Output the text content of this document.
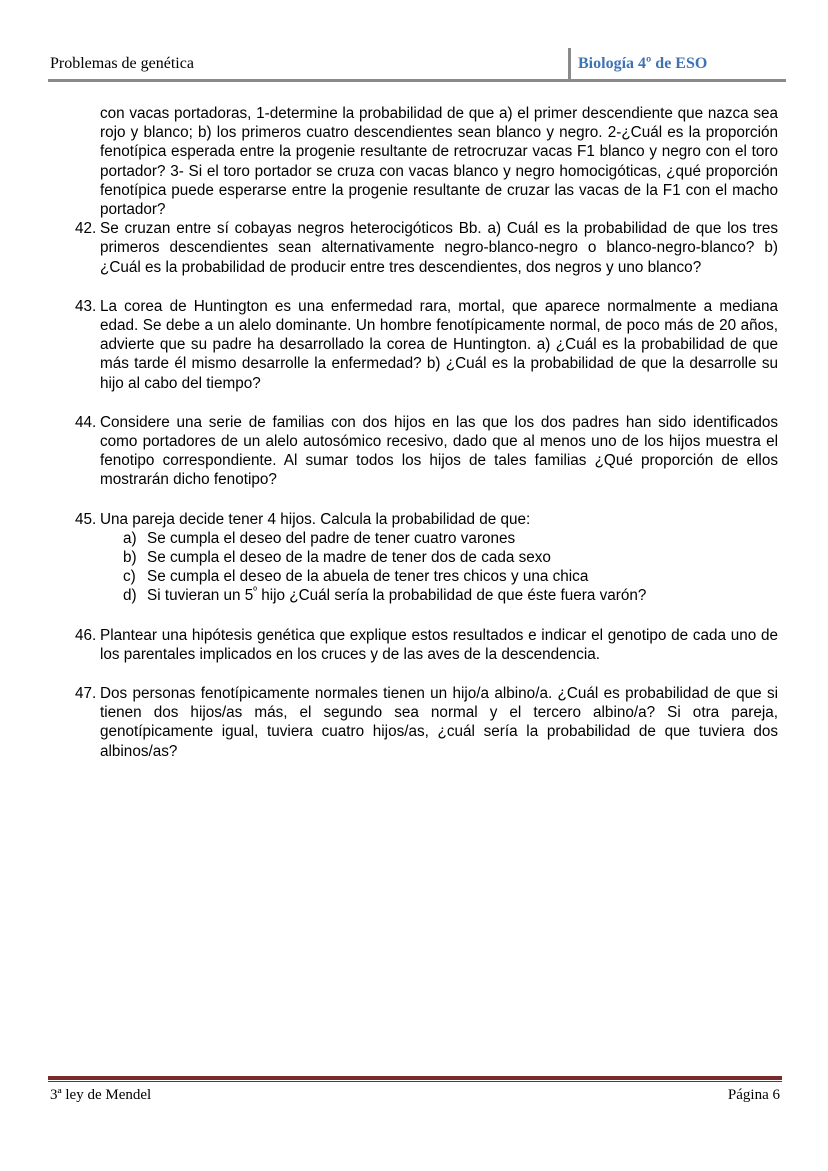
Problemas de genética	Biología 4º de ESO

con vacas portadoras, 1-determine la probabilidad de que a) el primer descendiente que nazca sea rojo y blanco; b) los primeros cuatro descendientes sean blanco y negro. 2-¿Cuál es la proporción fenotípica esperada entre la progenie resultante de retrocruzar vacas F1 blanco y negro con el toro portador? 3- Si el toro portador se cruza con vacas blanco y negro homocigóticas, ¿qué proporción fenotípica puede esperarse entre la progenie resultante de cruzar las vacas de la F1 con el macho portador?

42. Se cruzan entre sí cobayas negros heterocigóticos Bb. a) Cuál es la probabilidad de que los tres primeros descendientes sean alternativamente negro-blanco-negro o blanco-negro-blanco? b) ¿Cuál es la probabilidad de producir entre tres descendientes, dos negros y uno blanco?
43. La corea de Huntington es una enfermedad rara, mortal, que aparece normalmente a mediana edad. Se debe a un alelo dominante. Un hombre fenotípicamente normal, de poco más de 20 años, advierte que su padre ha desarrollado la corea de Huntington. a) ¿Cuál es la probabilidad de que más tarde él mismo desarrolle la enfermedad? b) ¿Cuál es la probabilidad de que la desarrolle su hijo al cabo del tiempo?
44. Considere una serie de familias con dos hijos en las que los dos padres han sido identificados como portadores de un alelo autosómico recesivo, dado que al menos uno de los hijos muestra el fenotipo correspondiente. Al sumar todos los hijos de tales familias ¿Qué proporción de ellos mostrarán dicho fenotipo?
45. Una pareja decide tener 4 hijos. Calcula la probabilidad de que:
a) Se cumpla el deseo del padre de tener cuatro varones
b) Se cumpla el deseo de la madre de tener dos de cada sexo
c) Se cumpla el deseo de la abuela de tener tres chicos y una chica
d) Si tuvieran un $5^º$ hijo ¿Cuál sería la probabilidad de que éste fuera varón?
46. Plantear una hipótesis genética que explique estos resultados e indicar el genotipo de cada uno de los parentales implicados en los cruces y de las aves de la descendencia.
47. Dos personas fenotípicamente normales tienen un hijo/a albino/a. ¿Cuál es probabilidad de que si tienen dos hijos/as más, el segundo sea normal y el tercero albino/a? Si otra pareja, genotípicamente igual, tuviera cuatro hijos/as, ¿cuál sería la probabilidad de que tuviera dos albinos/as?
3ª ley de Mendel	Página 6
